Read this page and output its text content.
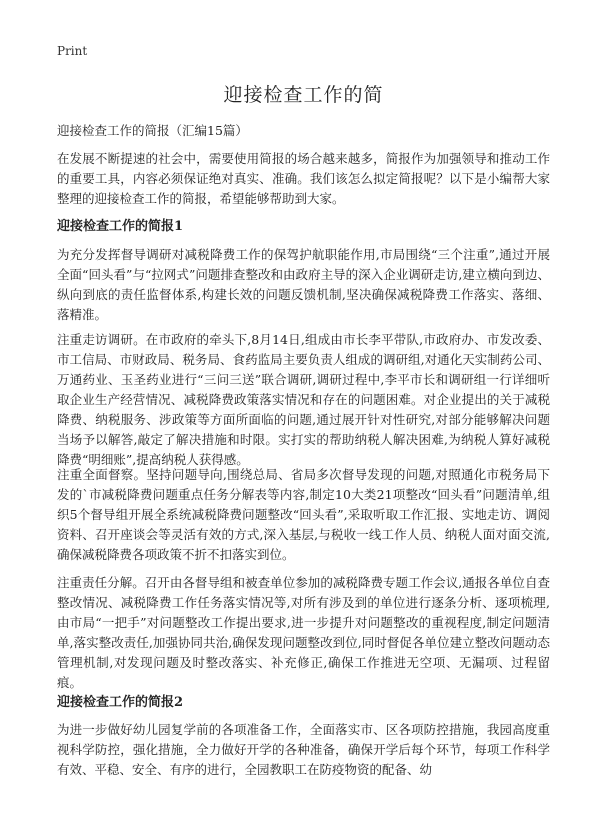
Print
迎接检查工作的简

迎接检查工作的简报（汇编15篇）

在发展不断提速的社会中，需要使用简报的场合越来越多，简报作为加强领导和推动工作的重要工具，内容必须保证绝对真实、准确。我们该怎么拟定简报呢？以下是小编帮大家整理的迎接检查工作的简报，希望能够帮助到大家。

迎接检查工作的简报1

为充分发挥督导调研对减税降费工作的保驾护航职能作用,市局围绕“三个注重”,通过开展全面“回头看”与“拉网式”问题排查整改和由政府主导的深入企业调研走访,建立横向到边、纵向到底的责任监督体系,构建长效的问题反馈机制,坚决确保减税降费工作落实、落细、落精准。

注重走访调研。在市政府的牵头下,8月14日,组成由市长李平带队,市政府办、市发改委、市工信局、市财政局、税务局、食药监局主要负责人组成的调研组,对通化天实制药公司、万通药业、玉圣药业进行“三问三送”联合调研,调研过程中,李平市长和调研组一行详细听取企业生产经营情况、减税降费政策落实情况和存在的问题困难。对企业提出的关于减税降费、纳税服务、涉政策等方面所面临的问题,通过展开针对性研究,对部分能够解决问题当场予以解答,敲定了解决措施和时限。实打实的帮助纳税人解决困难,为纳税人算好减税降费“明细账”,提高纳税人获得感。

注重全面督察。坚持问题导向,围绕总局、省局多次督导发现的问题,对照通化市税务局下发的`市减税降费问题重点任务分解表等内容,制定10大类21项整改“回头看”问题清单,组织5个督导组开展全系统减税降费问题整改“回头看”,采取听取工作汇报、实地走访、调阅资料、召开座谈会等灵活有效的方式,深入基层,与税收一线工作人员、纳税人面对面交流,确保减税降费各项政策不折不扣落实到位。

注重责任分解。召开由各督导组和被查单位参加的减税降费专题工作会议,通报各单位自查整改情况、减税降费工作任务落实情况等,对所有涉及到的单位进行逐条分析、逐项梳理,由市局“一把手”对问题整改工作提出要求,进一步提升对问题整改的重视程度,制定问题清单,落实整改责任,加强协同共治,确保发现问题整改到位,同时督促各单位建立整改问题动态管理机制,对发现问题及时整改落实、补充修正,确保工作推进无空项、无漏项、过程留痕。

迎接检查工作的简报2

为进一步做好幼儿园复学前的各项准备工作，全面落实市、区各项防控措施，我园高度重视科学防控，强化措施，全力做好开学的各种准备，确保开学后每个环节，每项工作科学有效、平稳、安全、有序的进行，全园教职工在防疫物资的配备、幼
